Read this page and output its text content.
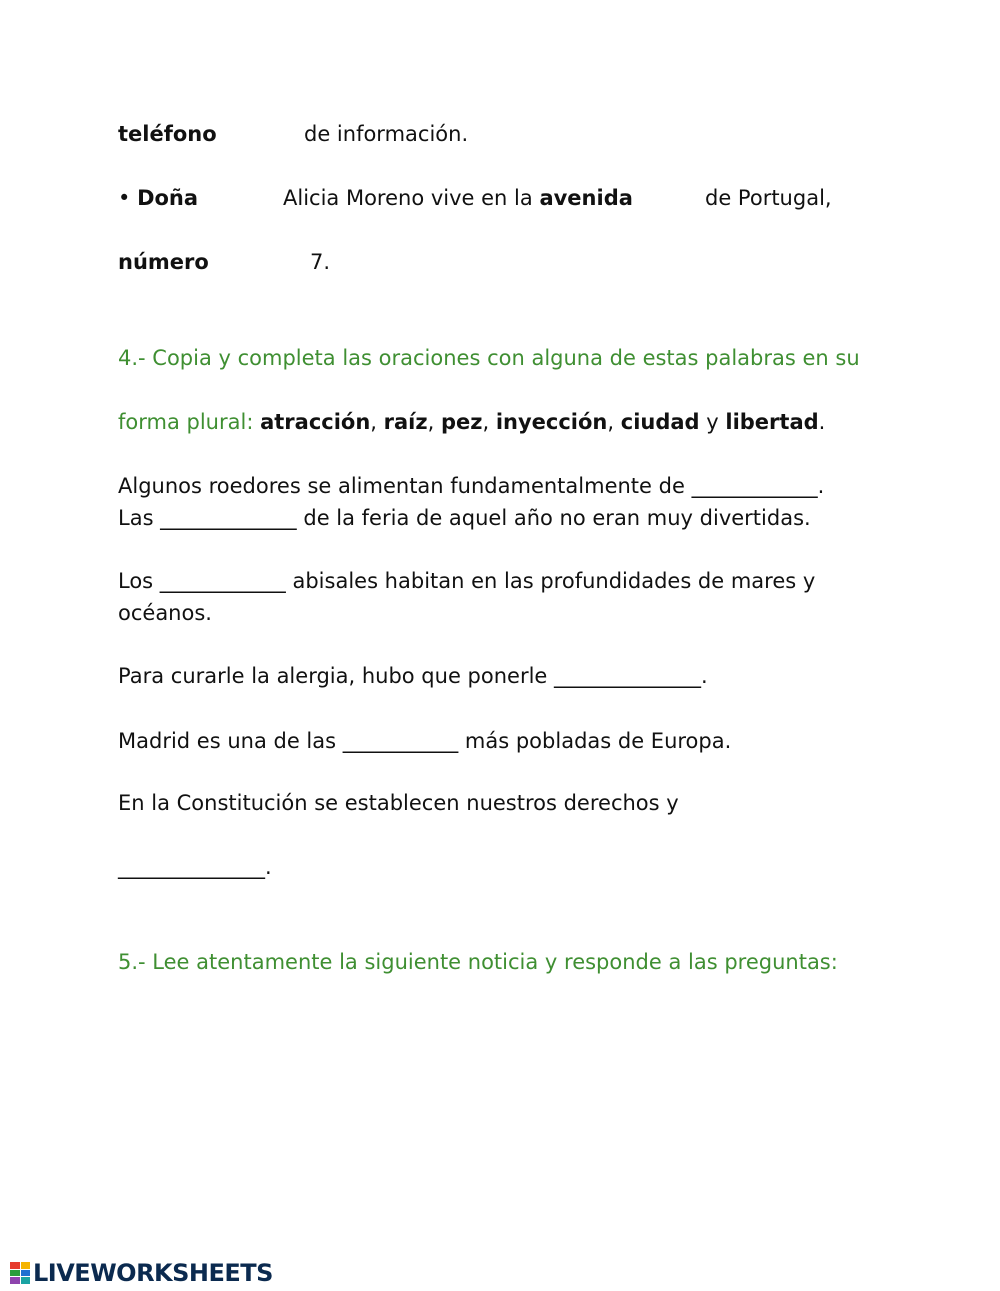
teléfono	de información.
• Doña	Alicia Moreno vive en la avenida	de Portugal,
número	7.
4.- Copia y completa las oraciones con alguna de estas palabras en su
forma plural: atracción, raíz, pez, inyección, ciudad y libertad.
Algunos roedores se alimentan fundamentalmente de ____________.
Las _____________ de la feria de aquel año no eran muy divertidas.
Los ____________ abisales habitan en las profundidades de mares y
océanos.
Para curarle la alergia, hubo que ponerle ______________.
Madrid es una de las ___________ más pobladas de Europa.
En la Constitución se establecen nuestros derechos y
______________.
5.- Lee atentamente la siguiente noticia y responde a las preguntas:
LIVEWORKSHEETS
